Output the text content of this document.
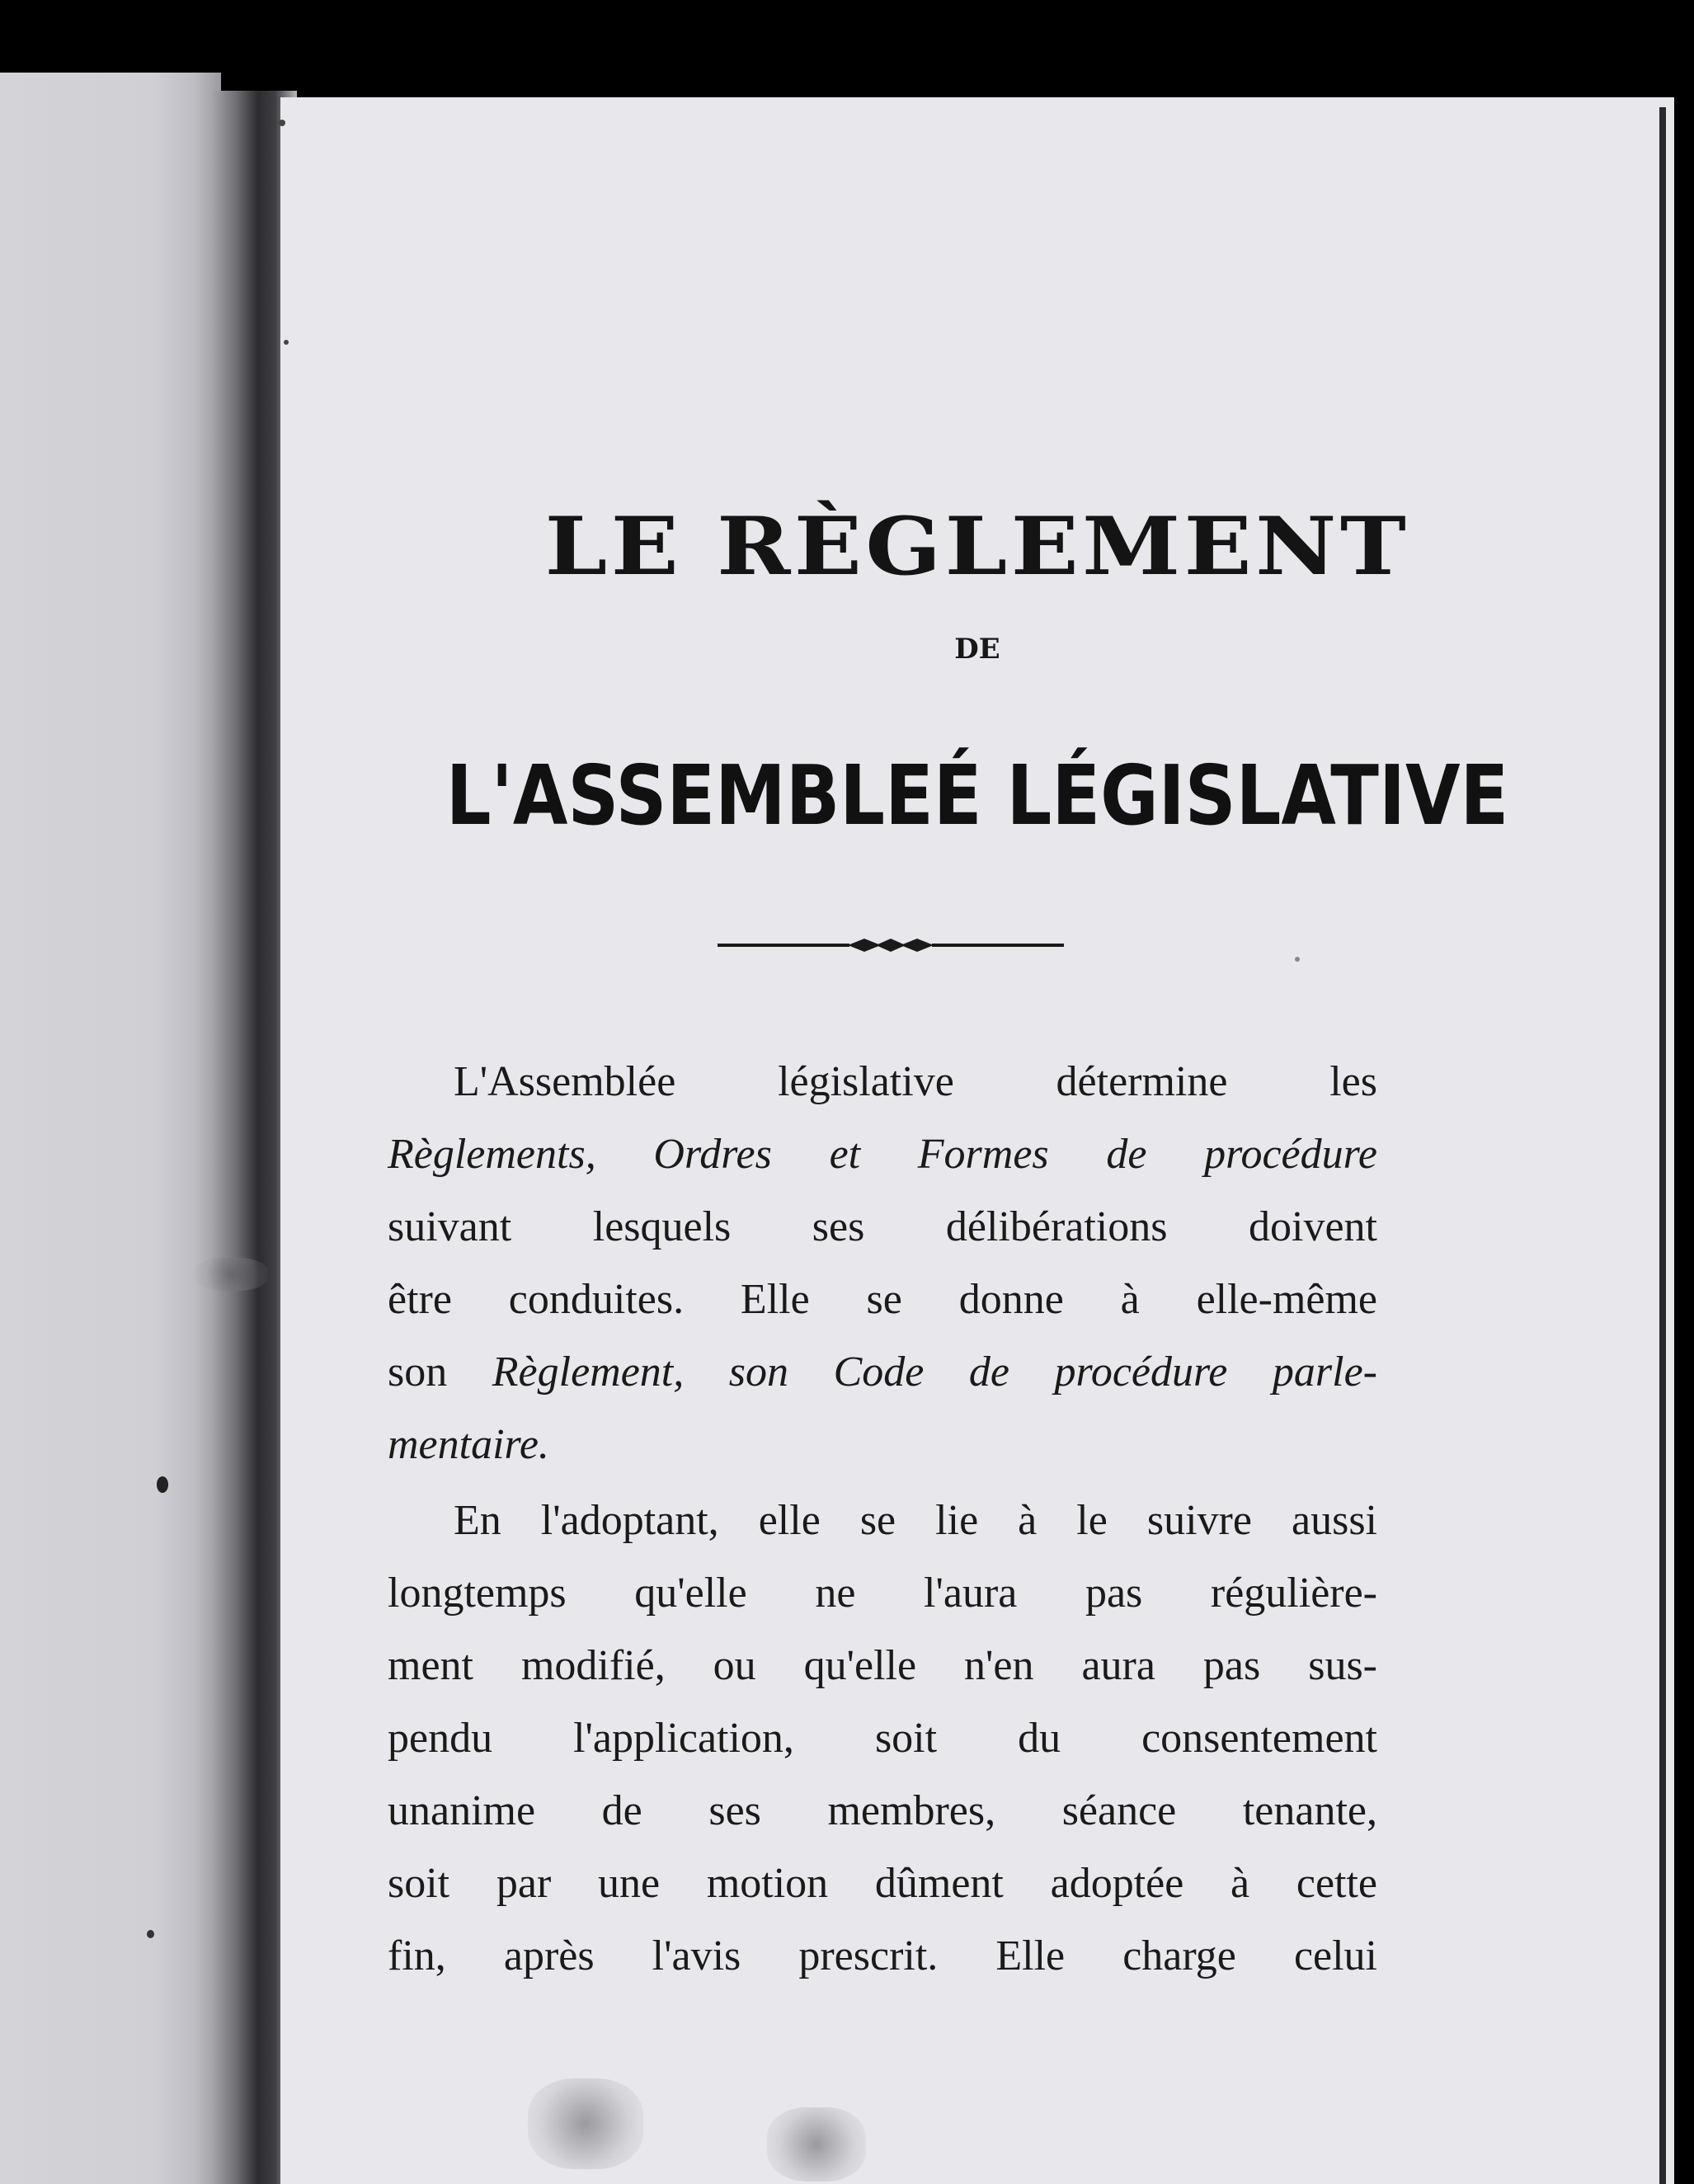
LE RÈGLEMENT
DE
L'ASSEMBLEÉ LÉGISLATIVE
L'Assemblée législative détermine les
Règlements, Ordres et Formes de procédure
suivant lesquels ses délibérations doivent
être conduites. Elle se donne à elle-même
son Règlement, son Code de procédure parle-
mentaire.
En l'adoptant, elle se lie à le suivre aussi
longtemps qu'elle ne l'aura pas régulière-
ment modifié, ou qu'elle n'en aura pas sus-
pendu l'application, soit du consentement
unanime de ses membres, séance tenante,
soit par une motion dûment adoptée à cette
fin, après l'avis prescrit. Elle charge celui
